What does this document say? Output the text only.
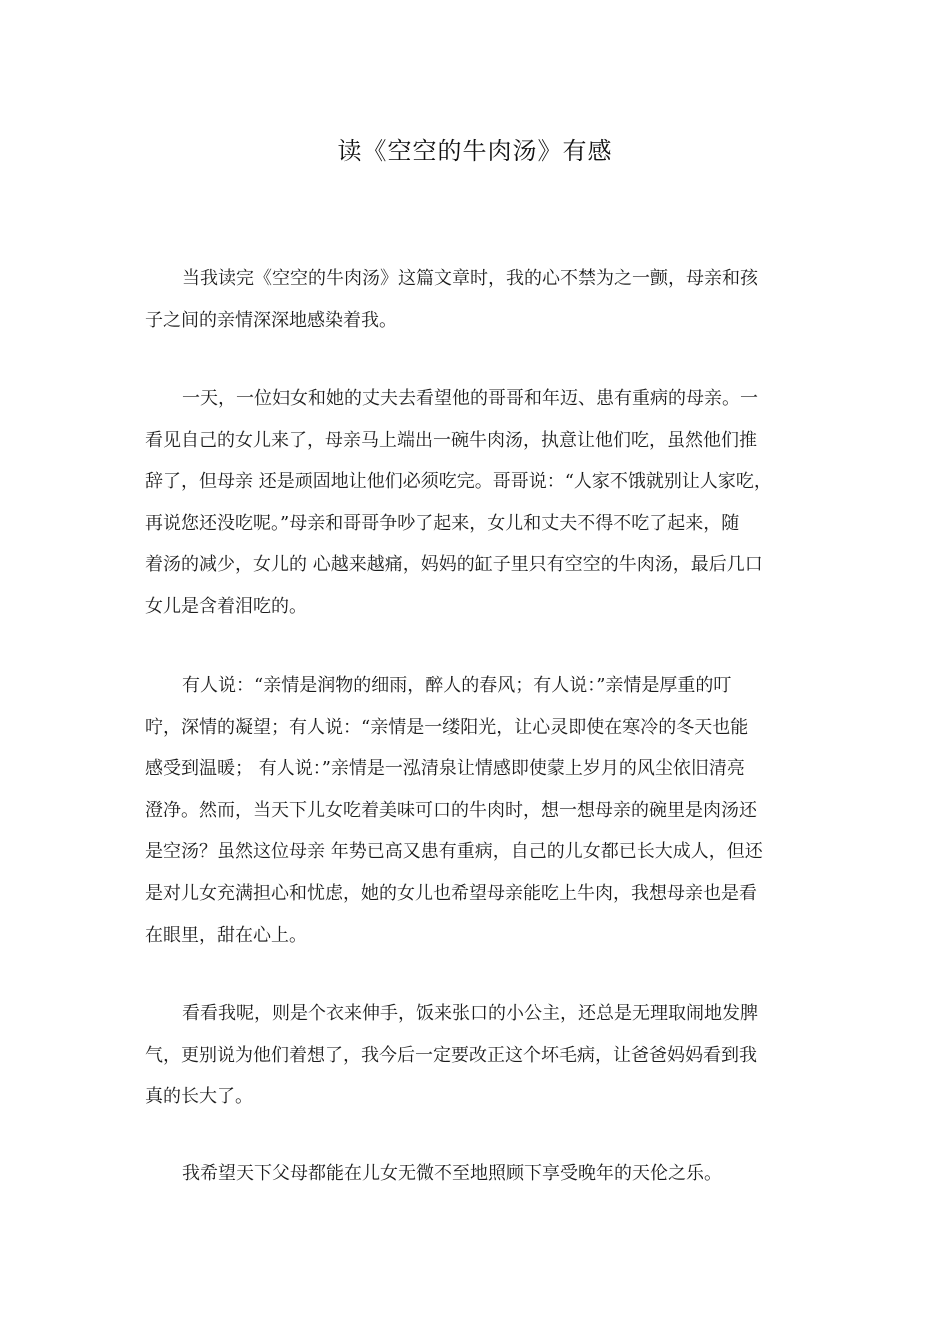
读《空空的牛肉汤》有感
当我读完《空空的牛肉汤》这篇文章时，我的心不禁为之一颤，母亲和孩
子之间的亲情深深地感染着我。
一天，一位妇女和她的丈夫去看望他的哥哥和年迈、患有重病的母亲。一
看见自己的女儿来了，母亲马上端出一碗牛肉汤，执意让他们吃，虽然他们推
辞了，但母亲 还是顽固地让他们必须吃完。哥哥说：“人家不饿就别让人家吃，
再说您还没吃呢。”母亲和哥哥争吵了起来，女儿和丈夫不得不吃了起来，随
着汤的减少，女儿的 心越来越痛，妈妈的缸子里只有空空的牛肉汤，最后几口
女儿是含着泪吃的。
有人说：“亲情是润物的细雨，醉人的春风；有人说：”亲情是厚重的叮
咛，深情的凝望；有人说：“亲情是一缕阳光，让心灵即使在寒冷的冬天也能
感受到温暖； 有人说：”亲情是一泓清泉让情感即使蒙上岁月的风尘依旧清亮
澄净。然而，当天下儿女吃着美味可口的牛肉时，想一想母亲的碗里是肉汤还
是空汤？虽然这位母亲 年势已高又患有重病，自己的儿女都已长大成人，但还
是对儿女充满担心和忧虑，她的女儿也希望母亲能吃上牛肉，我想母亲也是看
在眼里，甜在心上。
看看我呢，则是个衣来伸手，饭来张口的小公主，还总是无理取闹地发脾
气，更别说为他们着想了，我今后一定要改正这个坏毛病，让爸爸妈妈看到我
真的长大了。
我希望天下父母都能在儿女无微不至地照顾下享受晚年的天伦之乐。
